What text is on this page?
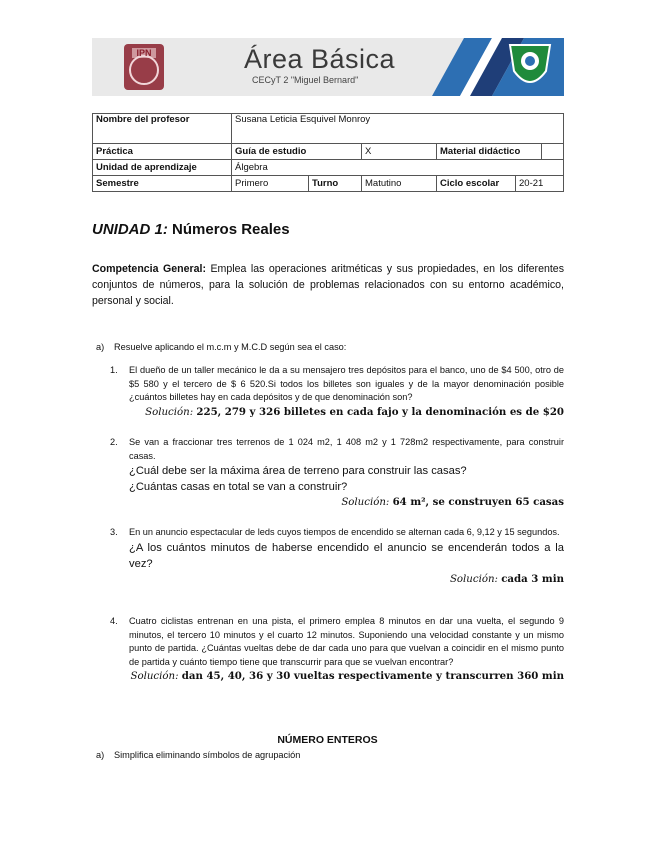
IPN	Área Básica
CECyT 2 "Miguel Bernard"
Nombre del profesor	Susana Leticia Esquivel Monroy					
Práctica	Guía de estudio		X	Material didáctico		
Unidad de aprendizaje	Álgebra					
Semestre	Primero	Turno	Matutino	Ciclo escolar	20-21	
UNIDAD 1: Números Reales
Competencia General: Emplea las operaciones aritméticas y sus propiedades, en los diferentes conjuntos de números, para la solución de problemas relacionados con su entorno académico, personal y social.
a) Resuelve aplicando el m.c.m y M.C.D según sea el caso:
1.	El dueño de un taller mecánico le da a su mensajero tres depósitos para el banco, uno de $4 500, otro de $5 580 y el tercero de $ 6 520.Si todos los billetes son iguales y de la mayor denominación posible ¿cuántos billetes hay en cada depósitos y de que denominación son?
Solución: 225, 279 y 326 billetes en cada fajo y la denominación es de $20
2.	Se van a fraccionar tres terrenos de 1 024 m2, 1 408 m2 y 1 728m2 respectivamente, para construir casas.
¿Cuál debe ser la máxima área de terreno para construir las casas?
¿Cuántas casas en total se van a construir?
Solución: 64 m², se construyen 65 casas
3.	En un anuncio espectacular de leds cuyos tiempos de encendido se alternan cada 6, 9,12 y 15 segundos.
¿A los cuántos minutos de haberse encendido el anuncio se encenderán todos a la vez?
Solución: cada 3 min
4.	Cuatro ciclistas entrenan en una pista, el primero emplea 8 minutos en dar una vuelta, el segundo 9 minutos, el tercero 10 minutos y el cuarto 12 minutos. Suponiendo una velocidad constante y un mismo punto de partida. ¿Cuántas vueltas debe de dar cada uno para que vuelvan a coincidir en el mismo punto de partida y cuánto tiempo tiene que transcurrir para que se vuelvan encontrar?
Solución: dan 45, 40, 36 y 30 vueltas respectivamente y transcurren 360 min
NÚMERO ENTEROS
a) Simplifica eliminando símbolos de agrupación
